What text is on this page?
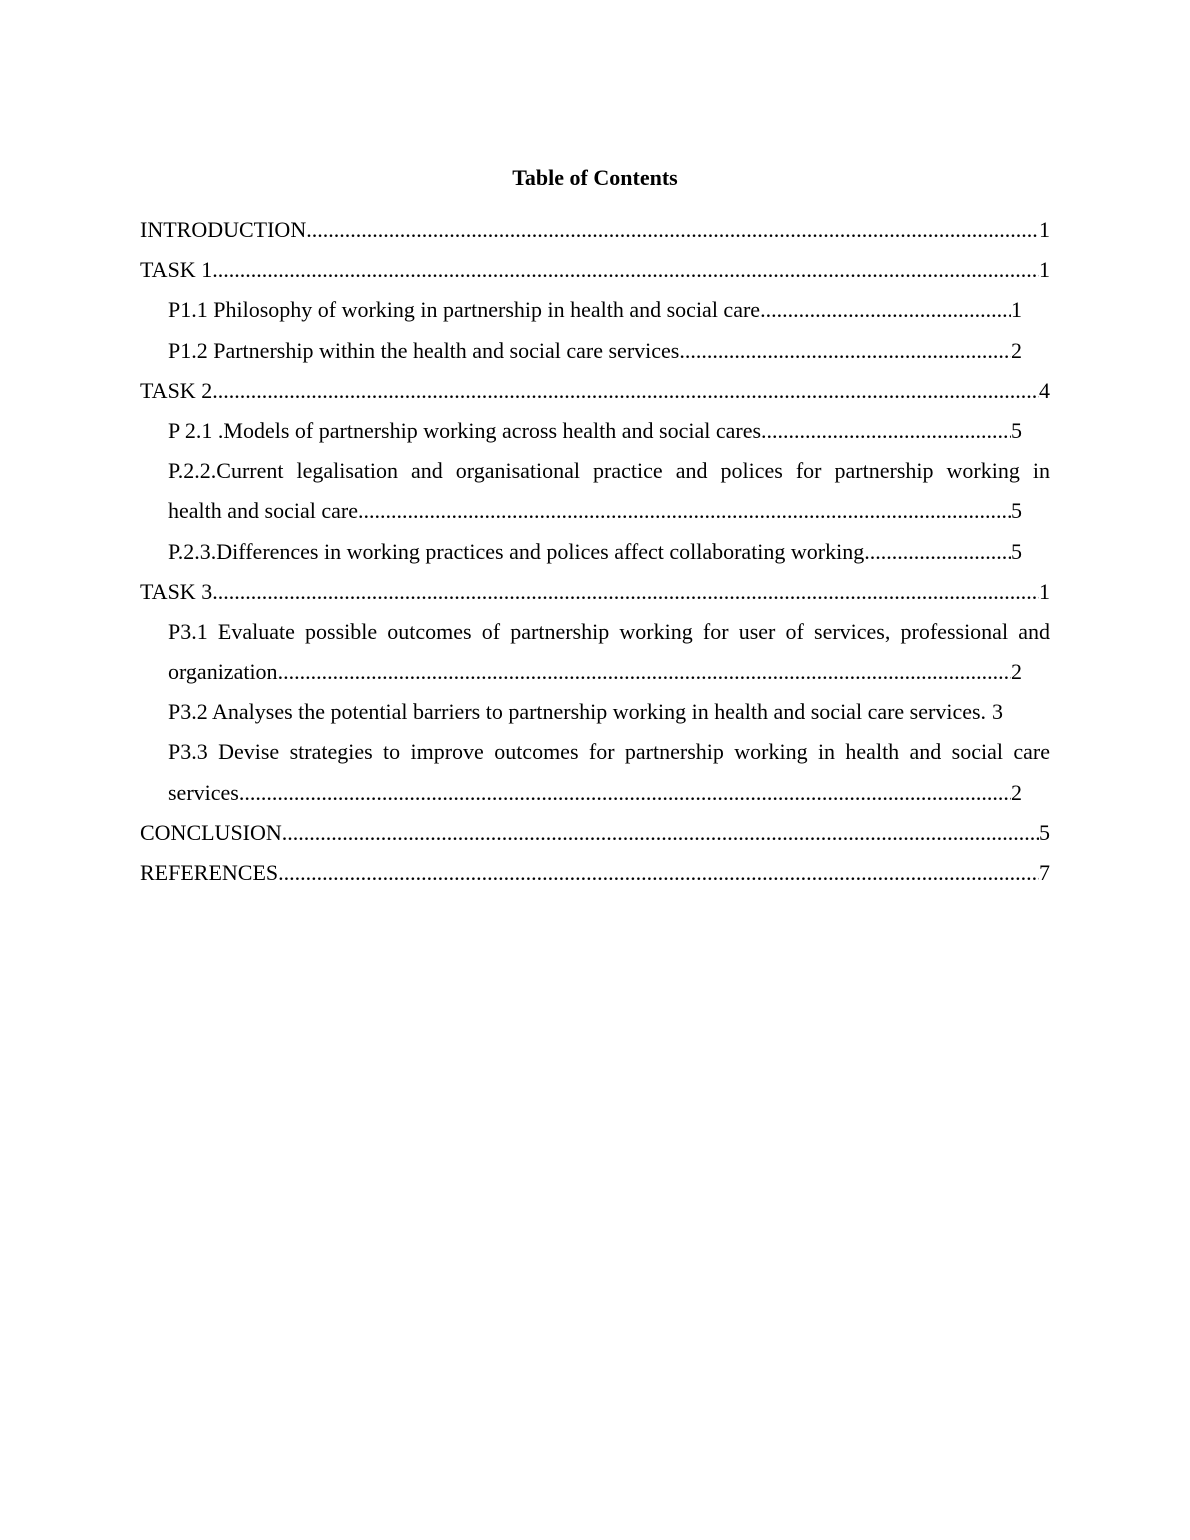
Table of Contents
INTRODUCTION .....	1
TASK 1 .....	1
P1.1 Philosophy of working in partnership in health and social care .....	1
P1.2 Partnership within the health and social care services .....	2
TASK 2 .....	4
P 2.1 .Models of partnership working across health and social cares. .....	5
P.2.2.Current legalisation and organisational practice and polices for partnership working in
health and social care .....	5
P.2.3.Differences in working practices and polices affect collaborating working .....	5
TASK 3 .....	1
P3.1 Evaluate possible outcomes of partnership working for user of services, professional and
organization .....	2
P3.2 Analyses the potential barriers to partnership working in health and social care services. 3
P3.3 Devise strategies to improve outcomes for partnership working in health and social care
services .....	2
CONCLUSION .....	5
REFERENCES .....	7
